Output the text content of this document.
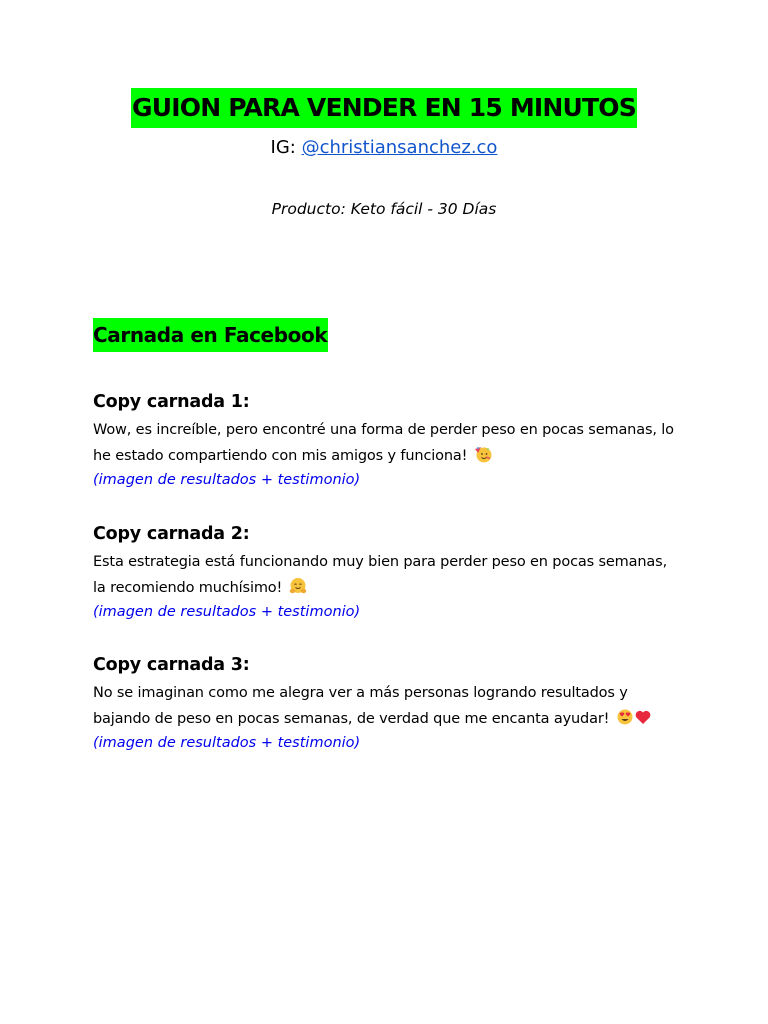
GUION PARA VENDER EN 15 MINUTOS
IG: @christiansanchez.co
Producto: Keto fácil - 30 Días
Carnada en Facebook
Copy carnada 1:

Wow, es increíble, pero encontré una forma de perder peso en pocas semanas, lo he estado compartiendo con mis amigos y funciona!

(imagen de resultados + testimonio)

Copy carnada 2:

Esta estrategia está funcionando muy bien para perder peso en pocas semanas, la recomiendo muchísimo!

(imagen de resultados + testimonio)

Copy carnada 3:

No se imaginan como me alegra ver a más personas logrando resultados y bajando de peso en pocas semanas, de verdad que me encanta ayudar!

(imagen de resultados + testimonio)
